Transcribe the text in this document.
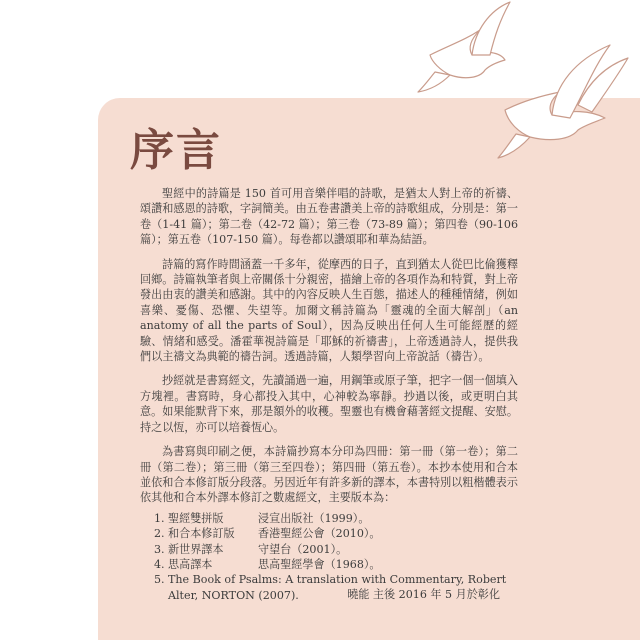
序言

聖經中的詩篇是 150 首可用音樂伴唱的詩歌，是猶太人對上帝的祈禱、頌讚和感恩的詩歌，字詞簡美。由五卷書讚美上帝的詩歌組成，分別是：第一卷（1-41 篇）；第二卷（42-72 篇）；第三卷（73-89 篇）；第四卷（90-106 篇）；第五卷（107-150 篇）。每卷都以讚頌耶和華為結語。

詩篇的寫作時間涵蓋一千多年，從摩西的日子，直到猶太人從巴比倫獲釋回鄉。詩篇執筆者與上帝關係十分親密，描繪上帝的各項作為和特質，對上帝發出由衷的讚美和感謝。其中的內容反映人生百態，描述人的種種情緒，例如喜樂、憂傷、恐懼、失望等。加爾文稱詩篇為「靈魂的全面大解剖」（an anatomy of all the parts of Soul），因為反映出任何人生可能經歷的經驗、情緒和感受。潘霍華視詩篇是「耶穌的祈禱書」，上帝透過詩人，提供我們以主禱文為典範的禱告詞。透過詩篇，人類學習向上帝說話（禱告）。

抄經就是書寫經文，先讀誦過一遍，用鋼筆或原子筆，把字一個一個填入方塊裡。書寫時，身心都投入其中，心神較為寧靜。抄過以後，或更明白其意。如果能默背下來，那是額外的收穫。聖靈也有機會藉著經文提醒、安慰。持之以恆，亦可以培養恆心。

為書寫與印刷之便，本詩篇抄寫本分印為四冊：第一冊（第一卷）；第二冊（第二卷）；第三冊（第三至四卷）；第四冊（第五卷）。本抄本使用和合本並依和合本修訂版分段落。另因近年有許多新的譯本，本書特別以粗楷體表示依其他和合本外譯本修訂之數處經文，主要版本為：

1. 聖經雙拼版	浸宣出版社（1999）。
2. 和合本修訂版 香港聖經公會（2010）。
3. 新世界譯本	守望台（2001）。
4. 思高譯本	思高聖經學會（1968）。
5. The Book of Psalms: A translation with Commentary, Robert Alter, NORTON (2007).	曉能 主後 2016 年 5 月於彰化
